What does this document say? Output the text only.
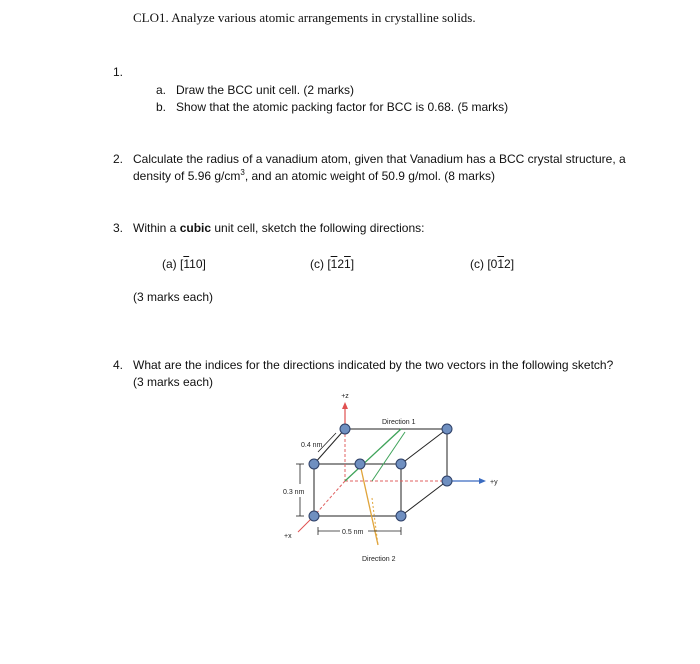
CLO1. Analyze various atomic arrangements in crystalline solids.
1.
a. Draw the BCC unit cell. (2 marks)
b. Show that the atomic packing factor for BCC is 0.68. (5 marks)
2. Calculate the radius of a vanadium atom, given that Vanadium has a BCC crystal structure, a
density of 5.96 $g/cm^3$, and an atomic weight of 50.9 g/mol. (8 marks)
3. Within a cubic unit cell, sketch the following directions:
(a) [110]	(c) [121]	(c) [012]
(3 marks each)
4. What are the indices for the directions indicated by the two vectors in the following sketch?
(3 marks each)
+z
+y
+x
Direction 1
Direction 2
0.4 nm
0.3 nm
0.5 nm
